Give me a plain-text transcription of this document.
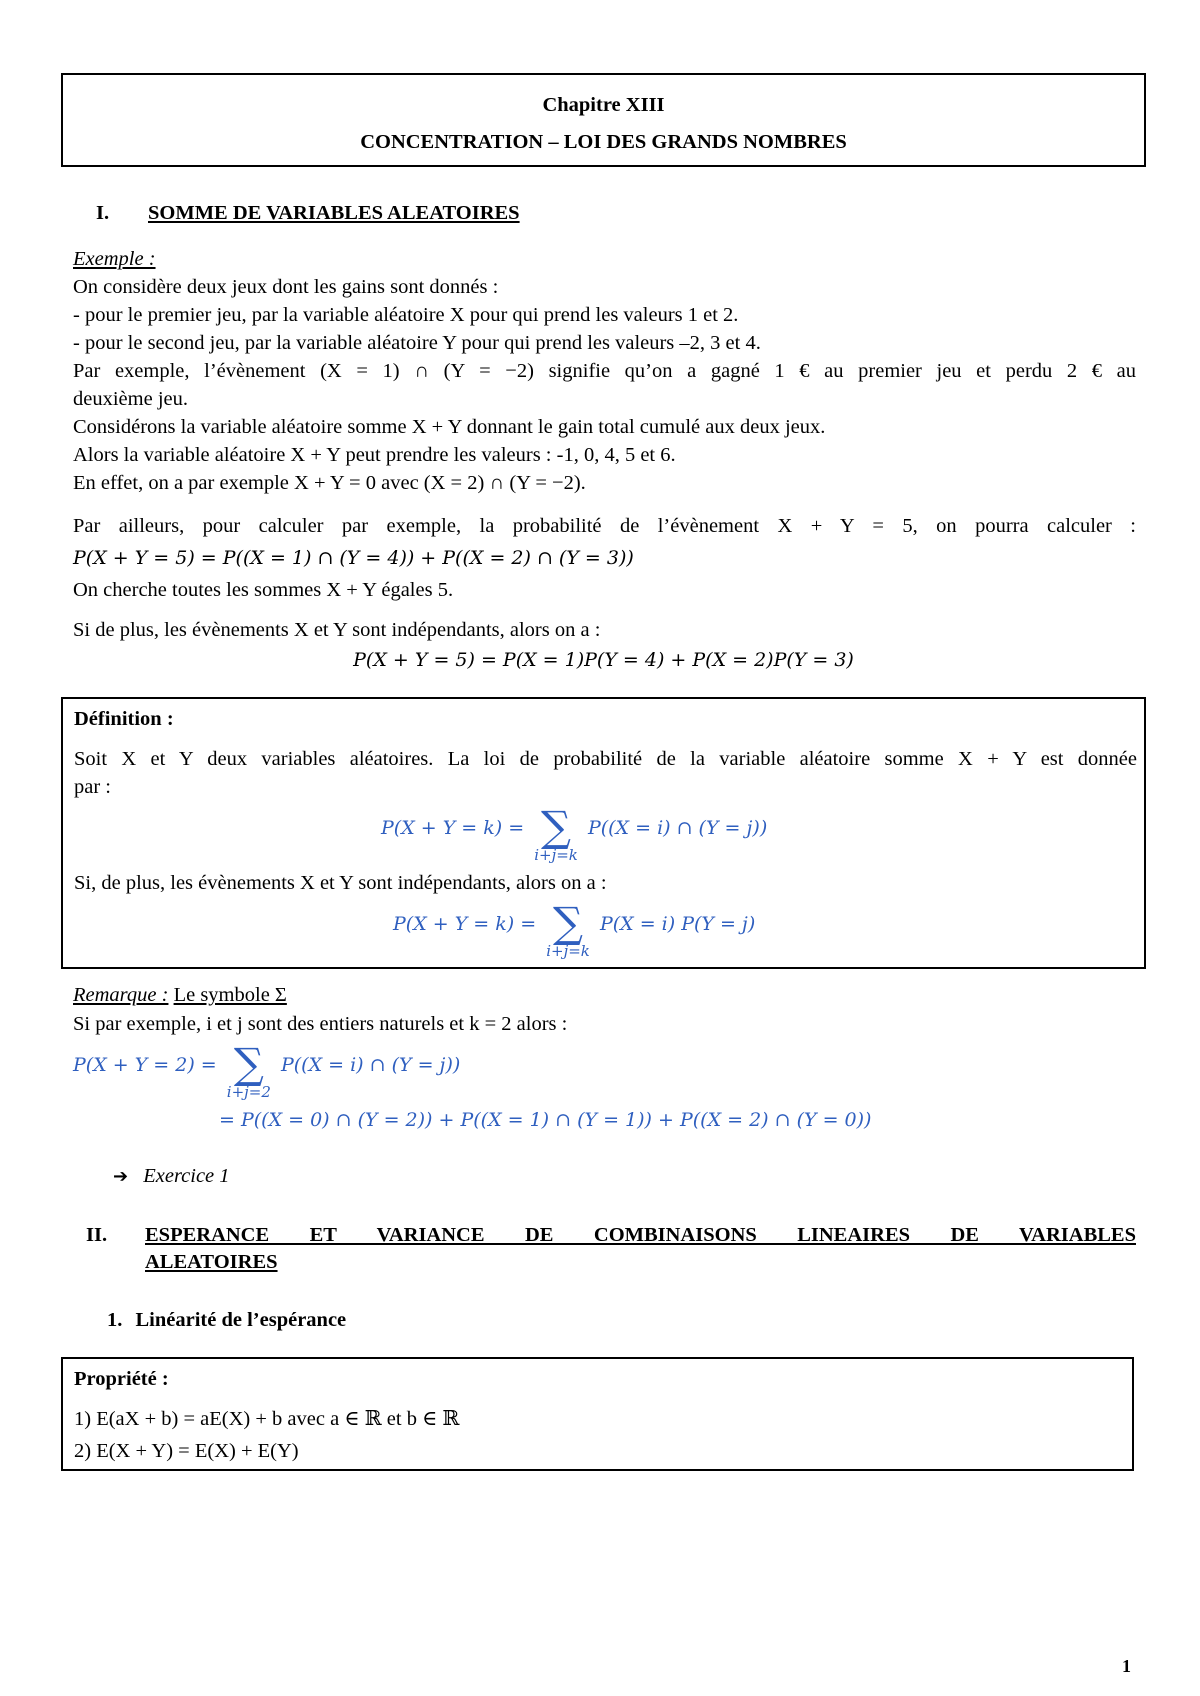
Chapitre XIII
CONCENTRATION – LOI DES GRANDS NOMBRES
I. SOMME DE VARIABLES ALEATOIRES
Exemple :
On considère deux jeux dont les gains sont donnés :
- pour le premier jeu, par la variable aléatoire X pour qui prend les valeurs 1 et 2.
- pour le second jeu, par la variable aléatoire Y pour qui prend les valeurs –2, 3 et 4.
Par exemple, l’évènement (X = 1) ∩ (Y = −2) signifie qu’on a gagné 1 € au premier jeu et perdu 2 € au
deuxième jeu.
Considérons la variable aléatoire somme X + Y donnant le gain total cumulé aux deux jeux.
Alors la variable aléatoire X + Y peut prendre les valeurs : -1, 0, 4, 5 et 6.
En effet, on a par exemple X + Y = 0 avec (X = 2) ∩ (Y = −2).
Par ailleurs, pour calculer par exemple, la probabilité de l’évènement X + Y = 5, on pourra calculer :
P(X + Y = 5) = P((X = 1) ∩ (Y = 4)) + P((X = 2) ∩ (Y = 3))
On cherche toutes les sommes X + Y égales 5.
Si de plus, les évènements X et Y sont indépendants, alors on a :
P(X + Y = 5) = P(X = 1)P(Y = 4) + P(X = 2)P(Y = 3)
Définition :
Soit X et Y deux variables aléatoires. La loi de probabilité de la variable aléatoire somme X + Y est donnée
par :
P(X + Y = k) = ∑
i+j=k
P((X = i) ∩ (Y = j))
Si, de plus, les évènements X et Y sont indépendants, alors on a :
P(X + Y = k) = ∑
i+j=k
P(X = i) P(Y = j)
Remarque : Le symbole Σ
Si par exemple, i et j sont des entiers naturels et k = 2 alors :
P(X + Y = 2) = ∑
i+j=2
P((X = i) ∩ (Y = j))
= P((X = 0) ∩ (Y = 2)) + P((X = 1) ∩ (Y = 1)) + P((X = 2) ∩ (Y = 0))
➔ Exercice 1
II.	ESPERANCE ET VARIANCE DE COMBINAISONS LINEAIRES DE VARIABLES
ALEATOIRES
1. Linéarité de l’espérance
Propriété :
1) E(aX + b) = aE(X) + b avec a ∈ ℝ et b ∈ ℝ
2) E(X + Y) = E(X) + E(Y)
1
